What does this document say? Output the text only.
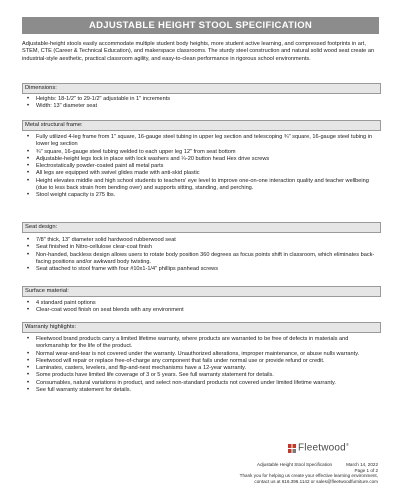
ADJUSTABLE HEIGHT STOOL SPECIFICATION

Adjustable-height stools easily accommodate multiple student body heights, more student active learning, and compressed footprints in art, STEM, CTE (Career & Technical Education), and makerspace classrooms. The sturdy steel construction and natural solid wood seat create an industrial-style aesthetic, practical classroom agility, and easy-to-clean performance in rigorous school environments.

Dimensions:
• Heights: 18-1/2" to 29-1/2" adjustable in 1" increments
• Width: 13" diameter seat
Metal structural frame:
• Fully utilized 4-leg frame from 1" square, 16-gauge steel tubing in upper leg section and telescoping ¾" square, 16-gauge steel tubing in lower leg section
• ¾" square, 16-gauge steel tubing welded to each upper leg 12" from seat bottom
• Adjustable-height legs lock in place with lock washers and ¼-20 button head Hex drive screws
• Electrostatically powder-coated paint all metal parts
• All legs are equipped with swivel glides made with anti-skid plastic
• Height elevates middle and high school students to teachers' eye level to improve one-on-one interaction quality and teacher wellbeing (due to less back strain from bending over) and supports sitting, standing, and perching.
• Stool weight capacity is 275 lbs.
Seat design:
• 7/8" thick, 13" diameter solid hardwood rubberwood seat
• Seat finished in Nitro-cellulose clear-coat finish
• Non-handed, backless design allows users to rotate body position 360 degrees as focus points shift in classroom, which eliminates back-facing positions and/or awkward body twisting.
• Seat attached to stool frame with four #10x1-1/4" phillips panhead screws
Surface material:
• 4 standard paint options
• Clear-coat wood finish on seat blends with any environment
Warranty highlights:
• Fleetwood brand products carry a limited lifetime warranty, where products are warranted to be free of defects in materials and workmanship for the life of the product.
• Normal wear-and-tear is not covered under the warranty. Unauthorized alterations, improper maintenance, or abuse nulls warranty.
• Fleetwood will repair or replace free-of-charge any component that fails under normal use or provide refund or credit.
• Laminates, casters, levelers, and flip-and-nest mechanisms have a 12-year warranty.
• Some products have limited life coverage of 3 or 5 years. See full warranty statement for details.
• Consumables, natural variations in product, and select non-standard products not covered under limited lifetime warranty.
• See full warranty statement for details.
Fleetwood®
Adjustable Height Stool Specification	March 14, 2022
Page 1 of 2
Thank you for helping us create your effective learning environment,
contact us at 616.396.1142 or sales@fleetwoodfurniture.com
